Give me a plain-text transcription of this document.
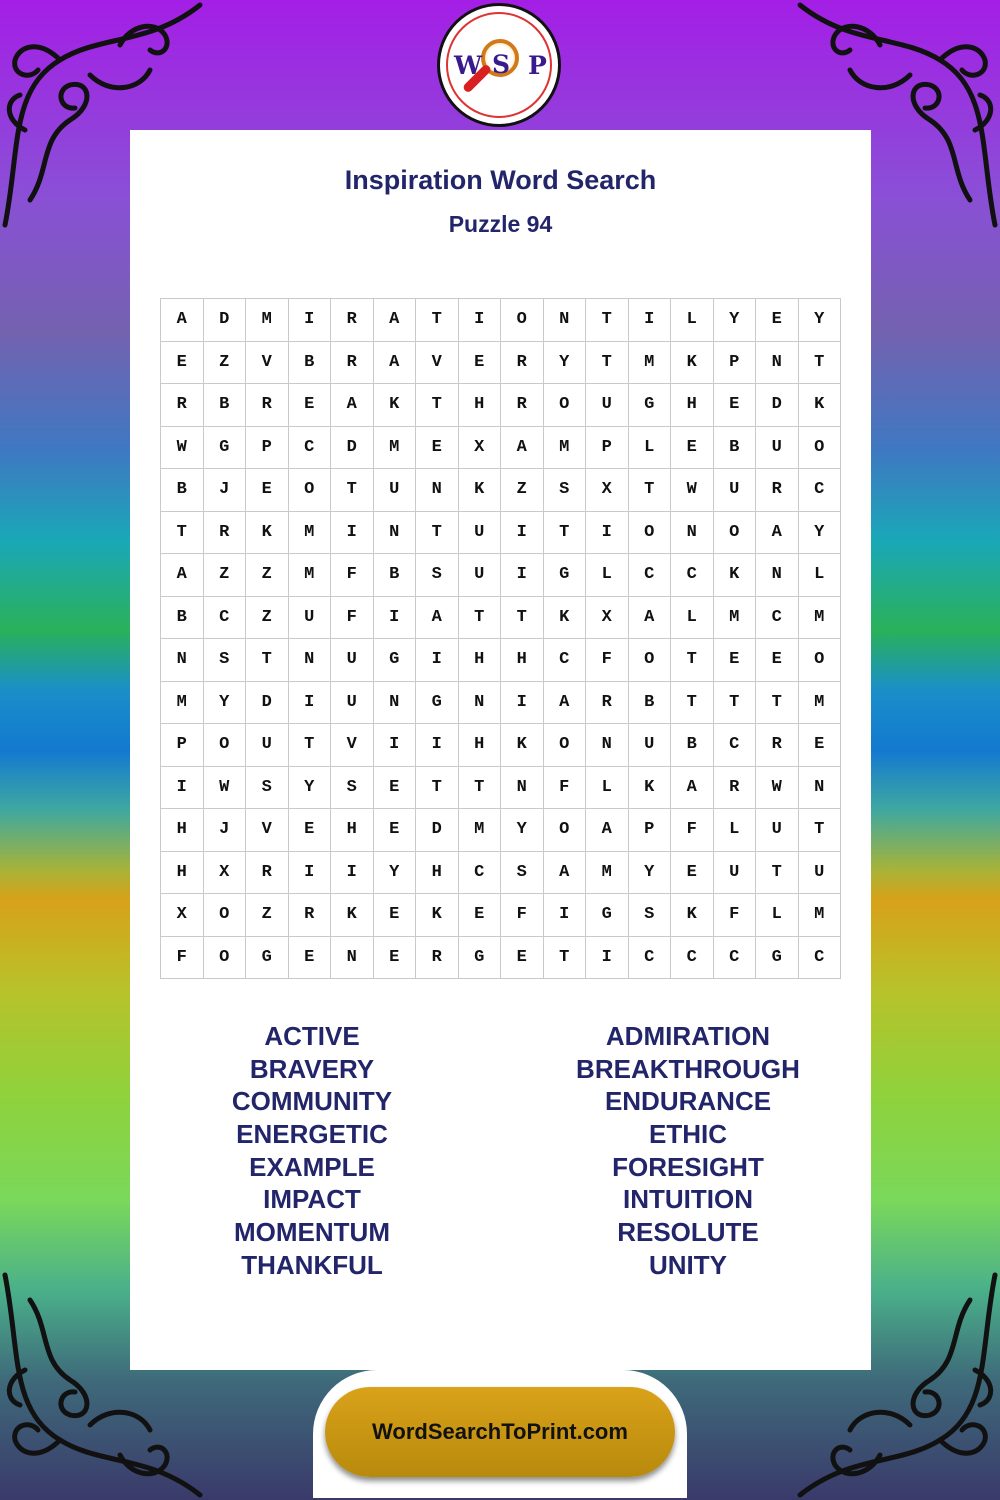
W S P
Inspiration Word Search
Puzzle 94
A	D	M	I	R	A	T	I	O	N	T	I	L	Y	E	Y
E	Z	V	B	R	A	V	E	R	Y	T	M	K	P	N	T
R	B	R	E	A	K	T	H	R	O	U	G	H	E	D	K
W	G	P	C	D	M	E	X	A	M	P	L	E	B	U	O
B	J	E	O	T	U	N	K	Z	S	X	T	W	U	R	C
T	R	K	M	I	N	T	U	I	T	I	O	N	O	A	Y
A	Z	Z	M	F	B	S	U	I	G	L	C	C	K	N	L
B	C	Z	U	F	I	A	T	T	K	X	A	L	M	C	M
N	S	T	N	U	G	I	H	H	C	F	O	T	E	E	O
M	Y	D	I	U	N	G	N	I	A	R	B	T	T	T	M
P	O	U	T	V	I	I	H	K	O	N	U	B	C	R	E
I	W	S	Y	S	E	T	T	N	F	L	K	A	R	W	N
H	J	V	E	H	E	D	M	Y	O	A	P	F	L	U	T
H	X	R	I	I	Y	H	C	S	A	M	Y	E	U	T	U
X	O	Z	R	K	E	K	E	F	I	G	S	K	F	L	M
F	O	G	E	N	E	R	G	E	T	I	C	C	C	G	C
ACTIVE
BRAVERY
COMMUNITY
ENERGETIC
EXAMPLE
IMPACT
MOMENTUM
THANKFUL
ADMIRATION
BREAKTHROUGH
ENDURANCE
ETHIC
FORESIGHT
INTUITION
RESOLUTE
UNITY
WordSearchToPrint.com
